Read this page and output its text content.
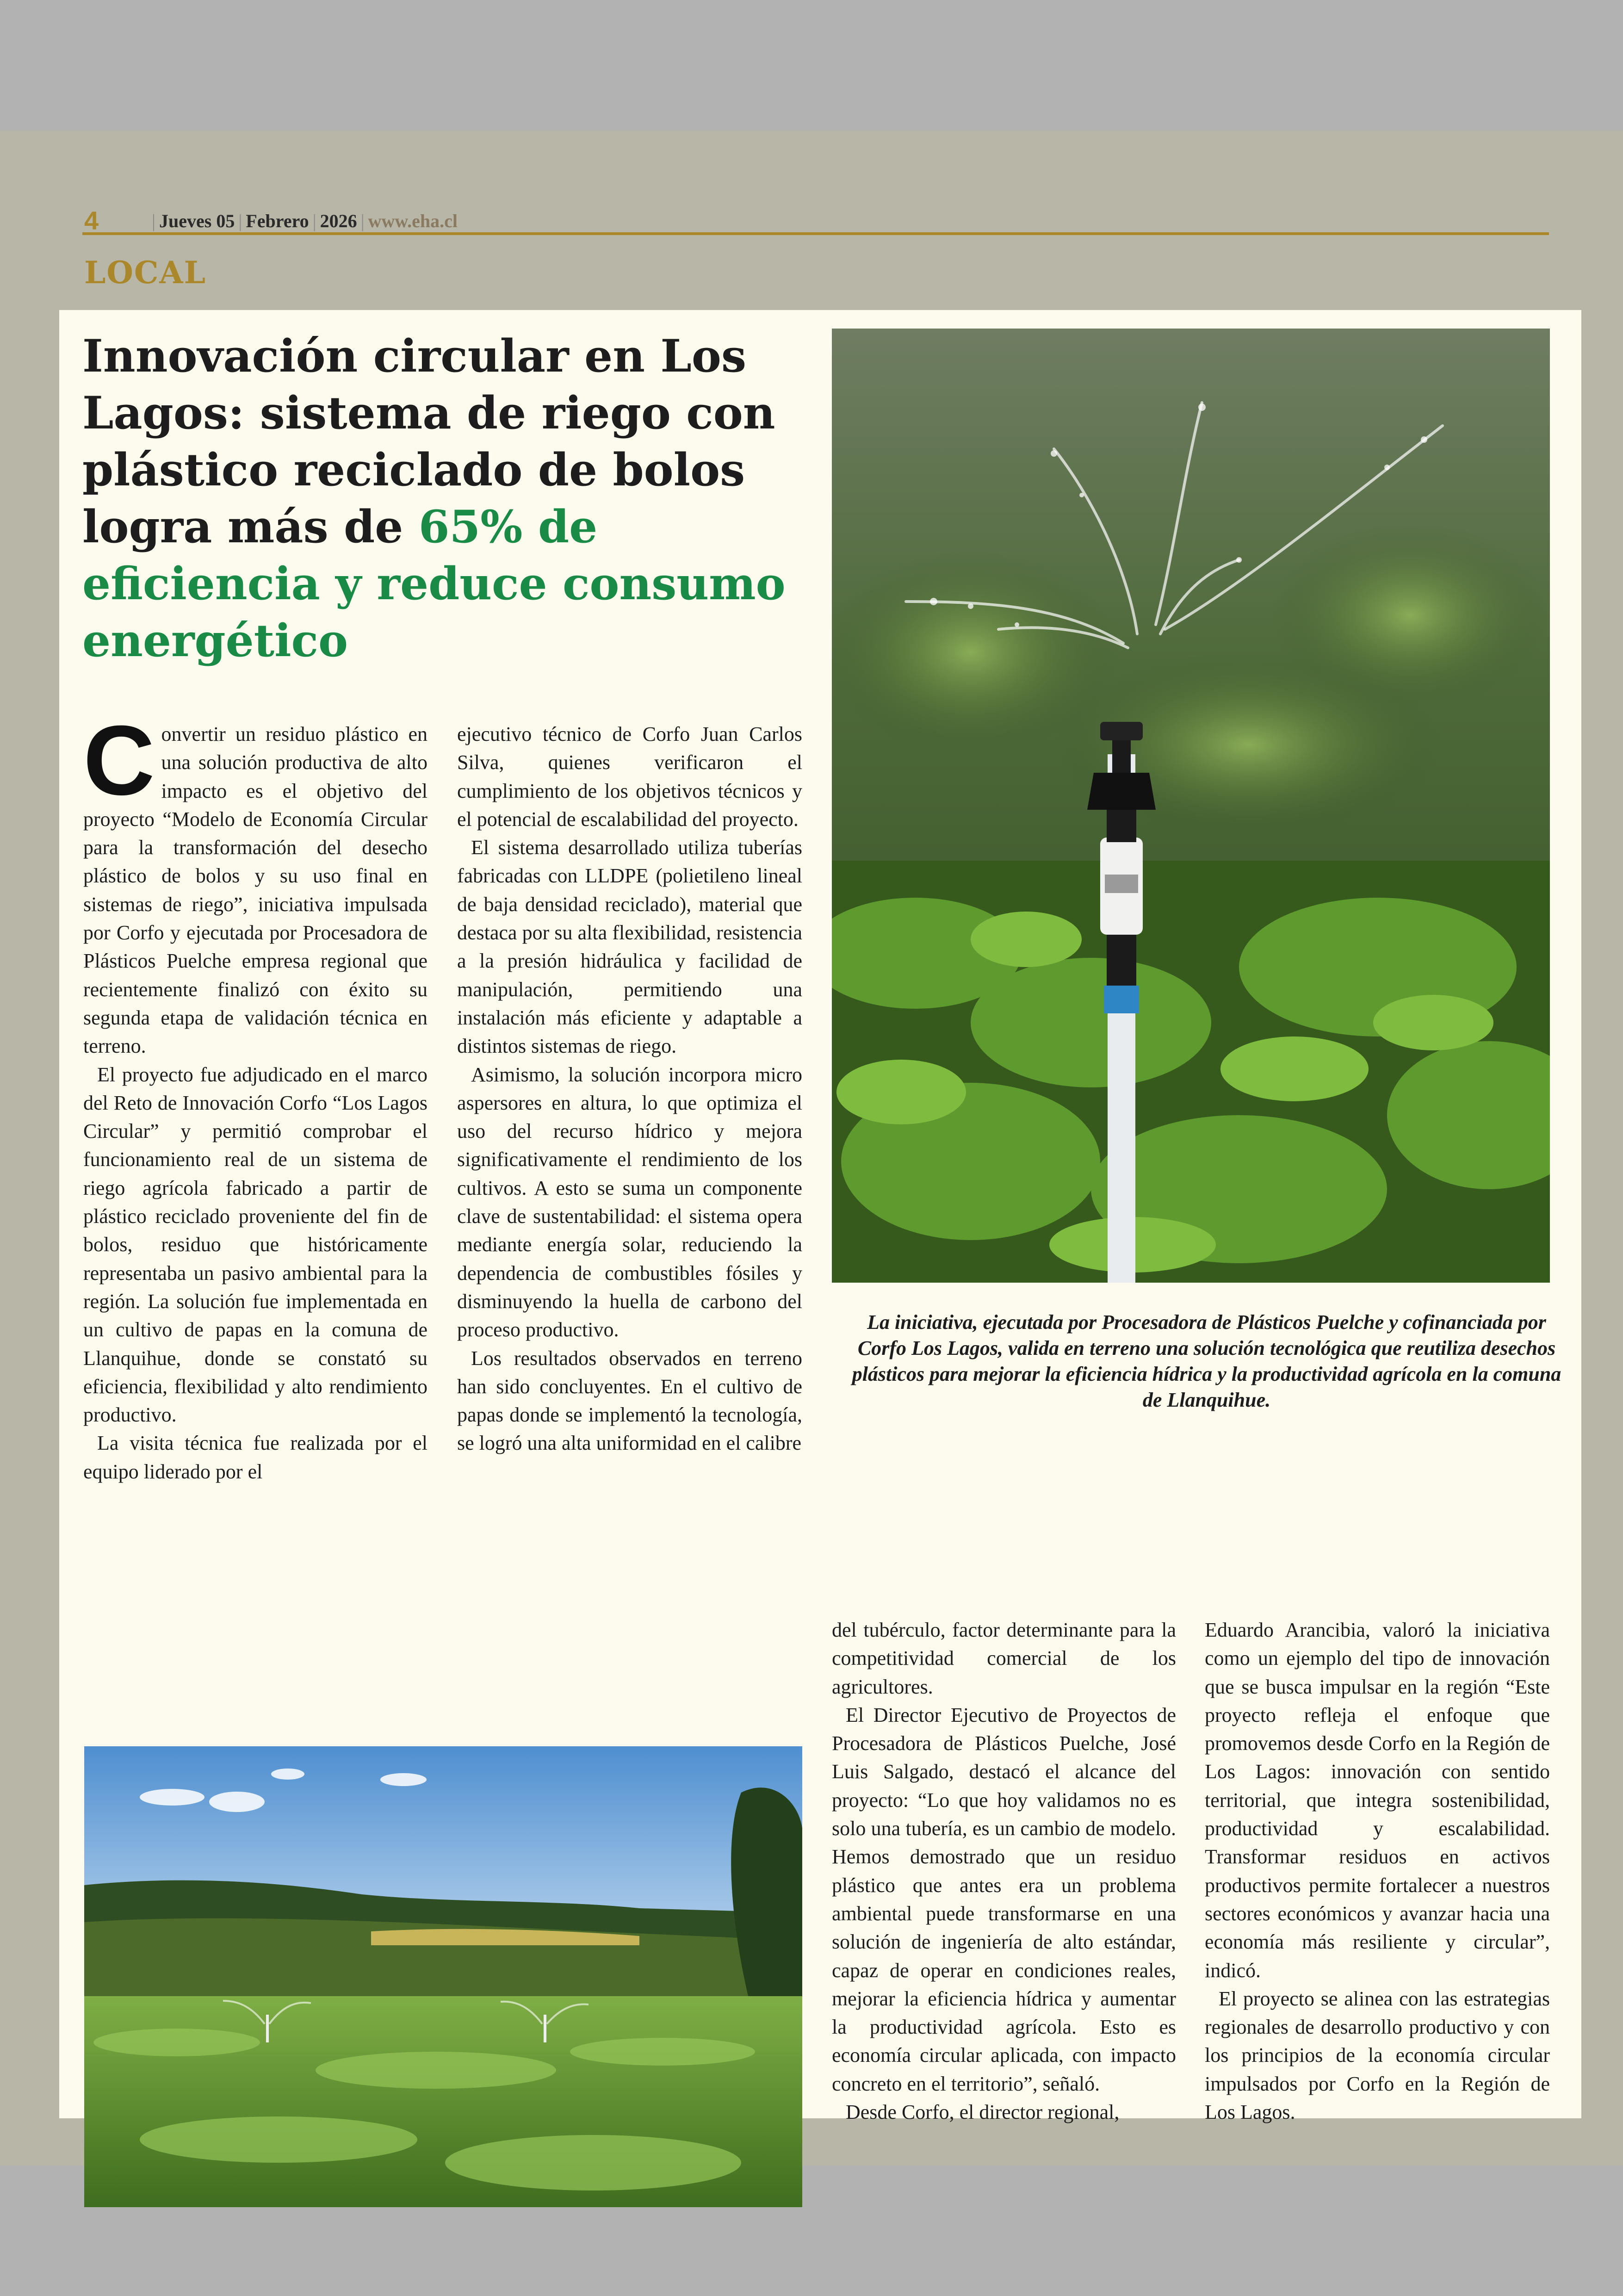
4	| Jueves 05 | Febrero | 2026 | www.eha.cl
LOCAL
Innovación circular en Los Lagos: sistema de riego con plástico reciclado de bolos logra más de 65% de eficiencia y reduce consumo energético
La iniciativa, ejecutada por Procesadora de Plásticos Puelche y cofinanciada por Corfo Los Lagos, valida en terreno una solución tecnológica que reutiliza desechos plásticos para mejorar la eficiencia hídrica y la productividad agrícola en la comuna de Llanquihue.
C onvertir un residuo plástico en una solución productiva de alto impacto es el objetivo del proyecto “Modelo de Economía Circular para la transformación del desecho plástico de bolos y su uso final en sistemas de riego”, iniciativa impulsada por Corfo y ejecutada por Procesadora de Plásticos Puelche empresa regional que recientemente finalizó con éxito su segunda etapa de validación técnica en terreno.

El proyecto fue adjudicado en el marco del Reto de Innovación Corfo “Los Lagos Circular” y permitió comprobar el funcionamiento real de un sistema de riego agrícola fabricado a partir de plástico reciclado proveniente del fin de bolos, residuo que históricamente representaba un pasivo ambiental para la región. La solución fue implementada en un cultivo de papas en la comuna de Llanquihue, donde se constató su eficiencia, flexibilidad y alto rendimiento productivo.

La visita técnica fue realizada por el equipo liderado por el

ejecutivo técnico de Corfo Juan Carlos Silva, quienes verificaron el cumplimiento de los objetivos técnicos y el potencial de escalabilidad del proyecto.

El sistema desarrollado utiliza tuberías fabricadas con LLDPE (polietileno lineal de baja densidad reciclado), material que destaca por su alta flexibilidad, resistencia a la presión hidráulica y facilidad de manipulación, permitiendo una instalación más eficiente y adaptable a distintos sistemas de riego.

Asimismo, la solución incorpora micro aspersores en altura, lo que optimiza el uso del recurso hídrico y mejora significativamente el rendimiento de los cultivos. A esto se suma un componente clave de sustentabilidad: el sistema opera mediante energía solar, reduciendo la dependencia de combustibles fósiles y disminuyendo la huella de carbono del proceso productivo.

Los resultados observados en terreno han sido concluyentes. En el cultivo de papas donde se implementó la tecnología, se logró una alta uniformidad en el calibre

del tubérculo, factor determinante para la competitividad comercial de los agricultores.

El Director Ejecutivo de Proyectos de Procesadora de Plásticos Puelche, José Luis Salgado, destacó el alcance del proyecto: “Lo que hoy validamos no es solo una tubería, es un cambio de modelo. Hemos demostrado que un residuo plástico que antes era un problema ambiental puede transformarse en una solución de ingeniería de alto estándar, capaz de operar en condiciones reales, mejorar la eficiencia hídrica y aumentar la productividad agrícola. Esto es economía circular aplicada, con impacto concreto en el territorio”, señaló.

Desde Corfo, el director regional,

Eduardo Arancibia, valoró la iniciativa como un ejemplo del tipo de innovación que se busca impulsar en la región “Este proyecto refleja el enfoque que promovemos desde Corfo en la Región de Los Lagos: innovación con sentido territorial, que integra sostenibilidad, productividad y escalabilidad. Transformar residuos en activos productivos permite fortalecer a nuestros sectores económicos y avanzar hacia una economía más resiliente y circular”, indicó.

El proyecto se alinea con las estrategias regionales de desarrollo productivo y con los principios de la economía circular impulsados por Corfo en la Región de Los Lagos.
